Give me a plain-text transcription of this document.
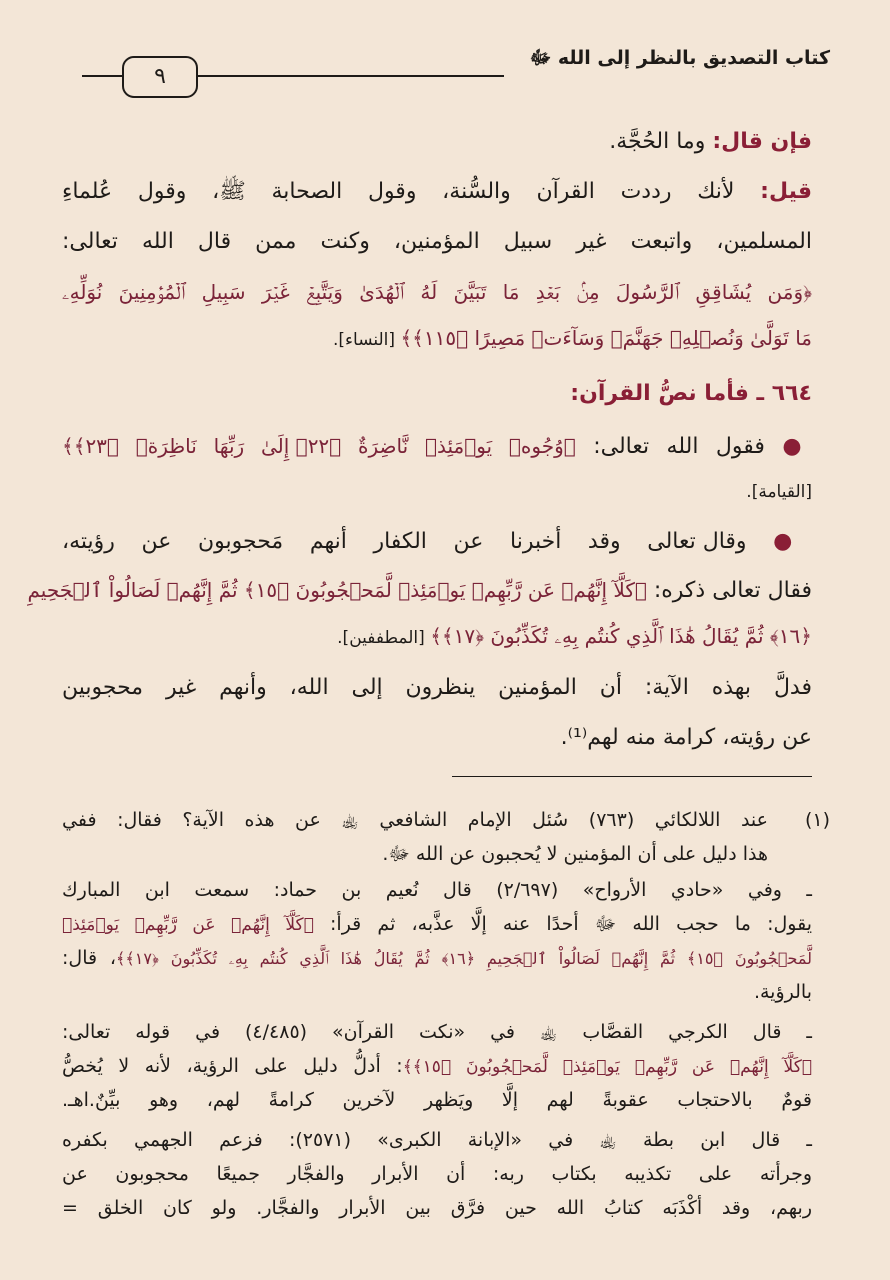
٩
كتاب التصديق بالنظر إلى الله ﷻ
فإن قال: وما الحُجَّة.
قيل: لأنك رددت القرآن والسُّنة، وقول الصحابة ﷺ، وقول عُلماءِ
المسلمين، واتبعت غير سبيل المؤمنين، وكنت ممن قال الله تعالى:
﴿وَمَن يُشَاقِقِ ٱلرَّسُولَ مِنۢ بَعۡدِ مَا تَبَيَّنَ لَهُ ٱلۡهُدَىٰ وَيَتَّبِعۡ غَيۡرَ سَبِيلِ ٱلۡمُؤۡمِنِينَ نُوَلِّهِۦ
مَا تَوَلَّىٰ وَنُصۡلِهِۦ جَهَنَّمَۖ وَسَآءَتۡ مَصِيرًا ﴿١١٥﴾﴾ [النساء].
٦٦٤ ـ فأما نصُّ القرآن:
● فقول الله تعالى: ﴿وُجُوهٞ يَوۡمَئِذٖ نَّاضِرَةٌ ﴿٢٢﴾ إِلَىٰ رَبِّهَا نَاظِرَةٞ ﴿٢٣﴾﴾
[القيامة].
● وقال تعالى وقد أخبرنا عن الكفار أنهم مَحجوبون عن رؤيته،
فقال تعالى ذكره: ﴿كَلَّآ إِنَّهُمۡ عَن رَّبِّهِمۡ يَوۡمَئِذٖ لَّمَحۡجُوبُونَ ﴿١٥﴾ ثُمَّ إِنَّهُمۡ لَصَالُواْ ٱلۡجَحِيمِ
﴿١٦﴾ ثُمَّ يُقَالُ هَٰذَا ٱلَّذِي كُنتُم بِهِۦ تُكَذِّبُونَ ﴿١٧﴾﴾ [المطففين].
فدلَّ بهذه الآية: أن المؤمنين ينظرون إلى الله، وأنهم غير محجوبين
عن رؤيته، كرامة منه لهم⁽¹⁾.
(١)
عند اللالكائي (٧٦٣) سُئل الإمام الشافعي ﵀ عن هذه الآية؟ فقال: ففي
هذا دليل على أن المؤمنين لا يُحجبون عن الله ﷻ.
ـ وفي «حادي الأرواح» (٢/٦٩٧) قال نُعيم بن حماد: سمعت ابن المبارك
يقول: ما حجب الله ﷻ أحدًا عنه إلَّا عذَّبه، ثم قرأ: ﴿كَلَّآ إِنَّهُمۡ عَن رَّبِّهِمۡ يَوۡمَئِذٖ
لَّمَحۡجُوبُونَ ﴿١٥﴾ ثُمَّ إِنَّهُمۡ لَصَالُواْ ٱلۡجَحِيمِ ﴿١٦﴾ ثُمَّ يُقَالُ هَٰذَا ٱلَّذِي كُنتُم بِهِۦ تُكَذِّبُونَ ﴿١٧﴾﴾، قال:
بالرؤية.
ـ قال الكرجي القصَّاب ﵀ في «نكت القرآن» (٤/٤٨٥) في قوله تعالى:
﴿كَلَّآ إِنَّهُمۡ عَن رَّبِّهِمۡ يَوۡمَئِذٖ لَّمَحۡجُوبُونَ ﴿١٥﴾﴾: أدلُّ دليل على الرؤية، لأنه لا يُخصُّ
قومٌ بالاحتجاب عقوبةً لهم إلَّا ويَظهر لآخرين كرامةً لهم، وهو بيِّنٌ.اهـ.
ـ قال ابن بطة ﵀ في «الإبانة الكبرى» (٢٥٧١): فزعم الجهمي بكفره
وجرأته على تكذيبه بكتاب ربه: أن الأبرار والفجَّار جميعًا محجوبون عن
ربهم، وقد أكْذَبَه كتابُ الله حين فرَّق بين الأبرار والفجَّار. ولو كان الخلق =
